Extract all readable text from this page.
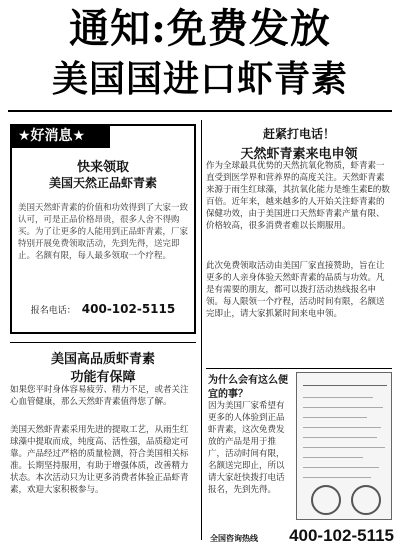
通知:免费发放
美国国进口虾青素
★好消息★
快来领取
美国天然正品虾青素
美国天然虾青素的价值和功效得到了大家一致认可，可是正品价格昂贵，很多人舍不得购买。为了让更多的人能用到正品虾青素，厂家特别开展免费领取活动，先到先得，送完即止。名额有限，每人最多领取一个疗程。
报名电话： 400-102-5115
赶紧打电话！
天然虾青素来电申领
作为全球最具优势的天然抗氧化物质，虾青素一直受到医学界和营养界的高度关注。天然虾青素来源于雨生红球藻，其抗氧化能力是维生素E的数百倍。近年来，越来越多的人开始关注虾青素的保健功效，由于美国进口天然虾青素产量有限、价格较高，很多消费者难以长期服用。
此次免费领取活动由美国厂家直接赞助，旨在让更多的人亲身体验天然虾青素的品质与功效。凡是有需要的朋友，都可以拨打活动热线报名申领。每人限领一个疗程，活动时间有限，名额送完即止，请大家抓紧时间来电申领。
美国高品质虾青素
功能有保障
如果您平时身体容易疲劳、精力不足，或者关注心血管健康，那么天然虾青素值得您了解。
美国天然虾青素采用先进的提取工艺，从雨生红球藻中提取而成，纯度高、活性强，品质稳定可靠。产品经过严格的质量检测，符合美国相关标准。长期坚持服用，有助于增强体质，改善精力状态。本次活动只为让更多消费者体验正品虾青素，欢迎大家积极参与。
为什么会有这么便宜的事？
因为美国厂家希望有更多的人体验到正品虾青素，这次免费发放的产品是用于推广，活动时间有限，名额送完即止，所以请大家赶快拨打电话报名，先到先得。
全国咨询热线 400-102-5115
